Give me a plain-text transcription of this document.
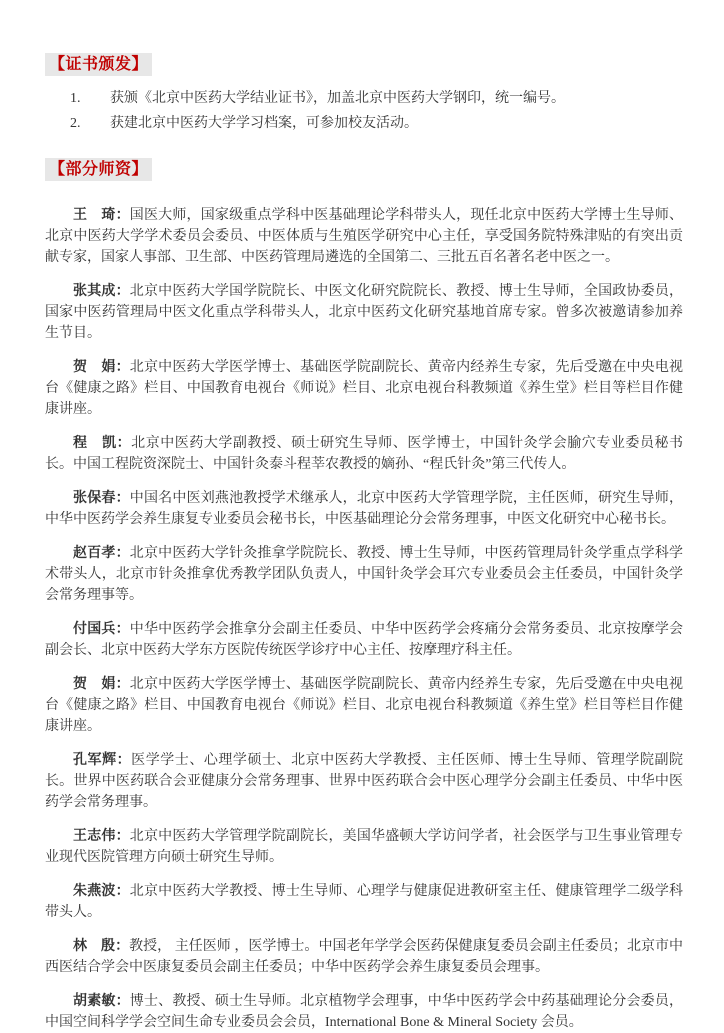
【证书颁发】
1. 获颁《北京中医药大学结业证书》，加盖北京中医药大学钢印，统一编号。
2. 获建北京中医药大学学习档案，可参加校友活动。
【部分师资】

王　琦：国医大师，国家级重点学科中医基础理论学科带头人，现任北京中医药大学博士生导师、北京中医药大学学术委员会委员、中医体质与生殖医学研究中心主任，享受国务院特殊津贴的有突出贡献专家，国家人事部、卫生部、中医药管理局遴选的全国第二、三批五百名著名老中医之一。

张其成：北京中医药大学国学院院长、中医文化研究院院长、教授、博士生导师，全国政协委员，国家中医药管理局中医文化重点学科带头人，北京中医药文化研究基地首席专家。曾多次被邀请参加养生节目。

贺　娟：北京中医药大学医学博士、基础医学院副院长、黄帝内经养生专家，先后受邀在中央电视台《健康之路》栏目、中国教育电视台《师说》栏目、北京电视台科教频道《养生堂》栏目等栏目作健康讲座。

程　凯：北京中医药大学副教授、硕士研究生导师、医学博士，中国针灸学会腧穴专业委员秘书长。中国工程院资深院士、中国针灸泰斗程莘农教授的嫡孙、“程氏针灸”第三代传人。

张保春：中国名中医刘燕池教授学术继承人，北京中医药大学管理学院，主任医师，研究生导师，中华中医药学会养生康复专业委员会秘书长，中医基础理论分会常务理事，中医文化研究中心秘书长。

赵百孝：北京中医药大学针灸推拿学院院长、教授、博士生导师，中医药管理局针灸学重点学科学术带头人，北京市针灸推拿优秀教学团队负责人，中国针灸学会耳穴专业委员会主任委员，中国针灸学会常务理事等。

付国兵：中华中医药学会推拿分会副主任委员、中华中医药学会疼痛分会常务委员、北京按摩学会副会长、北京中医药大学东方医院传统医学诊疗中心主任、按摩理疗科主任。

贺　娟：北京中医药大学医学博士、基础医学院副院长、黄帝内经养生专家，先后受邀在中央电视台《健康之路》栏目、中国教育电视台《师说》栏目、北京电视台科教频道《养生堂》栏目等栏目作健康讲座。

孔军辉：医学学士、心理学硕士、北京中医药大学教授、主任医师、博士生导师、管理学院副院长。世界中医药联合会亚健康分会常务理事、世界中医药联合会中医心理学分会副主任委员、中华中医药学会常务理事。

王志伟：北京中医药大学管理学院副院长，美国华盛顿大学访问学者，社会医学与卫生事业管理专业现代医院管理方向硕士研究生导师。

朱燕波：北京中医药大学教授、博士生导师、心理学与健康促进教研室主任、健康管理学二级学科带头人。

林　殷：教授， 主任医师 ，医学博士。中国老年学学会医药保健康复委员会副主任委员；北京市中西医结合学会中医康复委员会副主任委员；中华中医药学会养生康复委员会理事。

胡素敏：博士、教授、硕士生导师。北京植物学会理事，中华中医药学会中药基础理论分会委员，中国空间科学学会空间生命专业委员会会员，International Bone & Mineral Society 会员。
